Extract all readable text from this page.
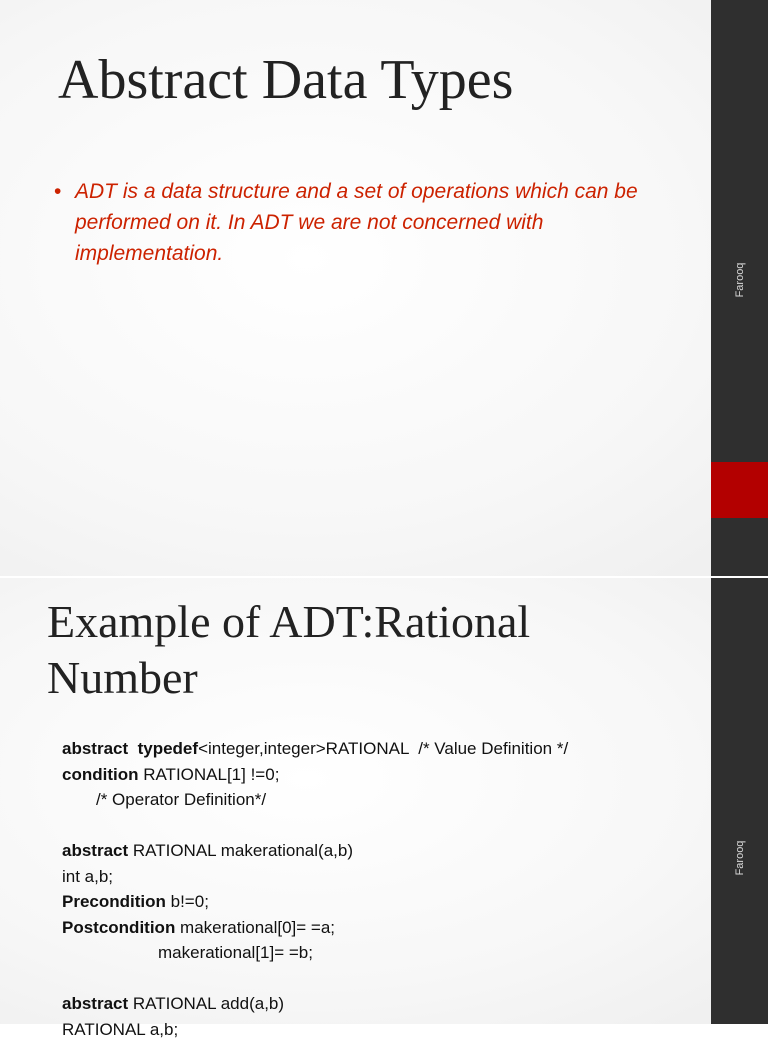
Abstract Data Types
• ADT is a data structure and a set of operations which can be performed on it. In ADT we are not concerned with implementation.
Farooq
Example of ADT:Rational Number
abstract typedef<integer,integer>RATIONAL  /* Value Definition */
condition RATIONAL[1] !=0;
/* Operator Definition*/
abstract RATIONAL makerational(a,b)
int a,b;
Precondition b!=0;
Postcondition makerational[0]= =a;
makerational[1]= =b;
abstract RATIONAL add(a,b)
RATIONAL a,b;
Farooq
